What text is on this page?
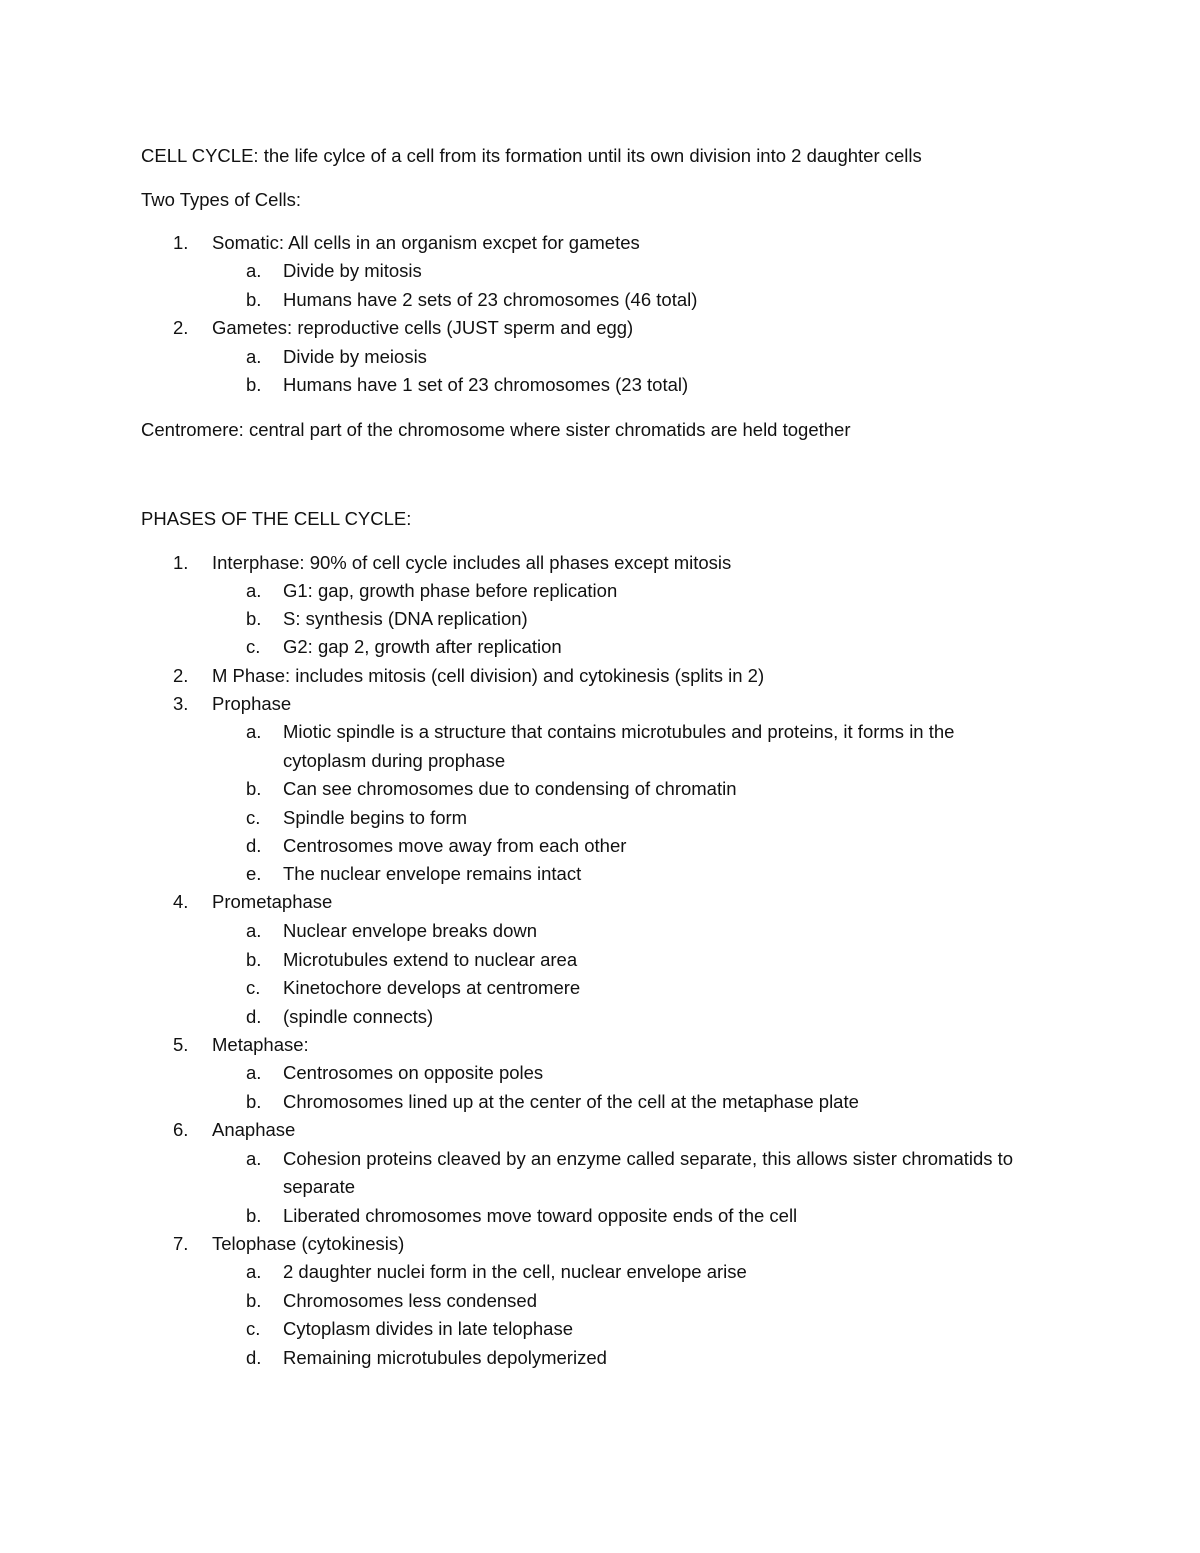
CELL CYCLE: the life cylce of a cell from its formation until its own division into 2 daughter cells
Two Types of Cells:
1.	Somatic: All cells in an organism excpet for gametes
a.	Divide by mitosis
b.	Humans have 2 sets of 23 chromosomes (46 total)
2.	Gametes: reproductive cells (JUST sperm and egg)
a.	Divide by meiosis
b.	Humans have 1 set of 23 chromosomes (23 total)
Centromere: central part of the chromosome where sister chromatids are held together
PHASES OF THE CELL CYCLE:
1.	Interphase: 90% of cell cycle includes all phases except mitosis
a.	G1: gap, growth phase before replication
b.	S: synthesis (DNA replication)
c.	G2: gap 2, growth after replication
2.	M Phase: includes mitosis (cell division) and cytokinesis (splits in 2)
3.	Prophase
a.	Miotic spindle is a structure that contains microtubules and proteins, it forms in the
cytoplasm during prophase
b.	Can see chromosomes due to condensing of chromatin
c.	Spindle begins to form
d.	Centrosomes move away from each other
e.	The nuclear envelope remains intact
4.	Prometaphase
a.	Nuclear envelope breaks down
b.	Microtubules extend to nuclear area
c.	Kinetochore develops at centromere
d.	(spindle connects)
5.	Metaphase:
a.	Centrosomes on opposite poles
b.	Chromosomes lined up at the center of the cell at the metaphase plate
6.	Anaphase
a.	Cohesion proteins cleaved by an enzyme called separate, this allows sister chromatids to
separate
b.	Liberated chromosomes move toward opposite ends of the cell
7.	Telophase (cytokinesis)
a.	2 daughter nuclei form in the cell, nuclear envelope arise
b.	Chromosomes less condensed
c.	Cytoplasm divides in late telophase
d.	Remaining microtubules depolymerized
